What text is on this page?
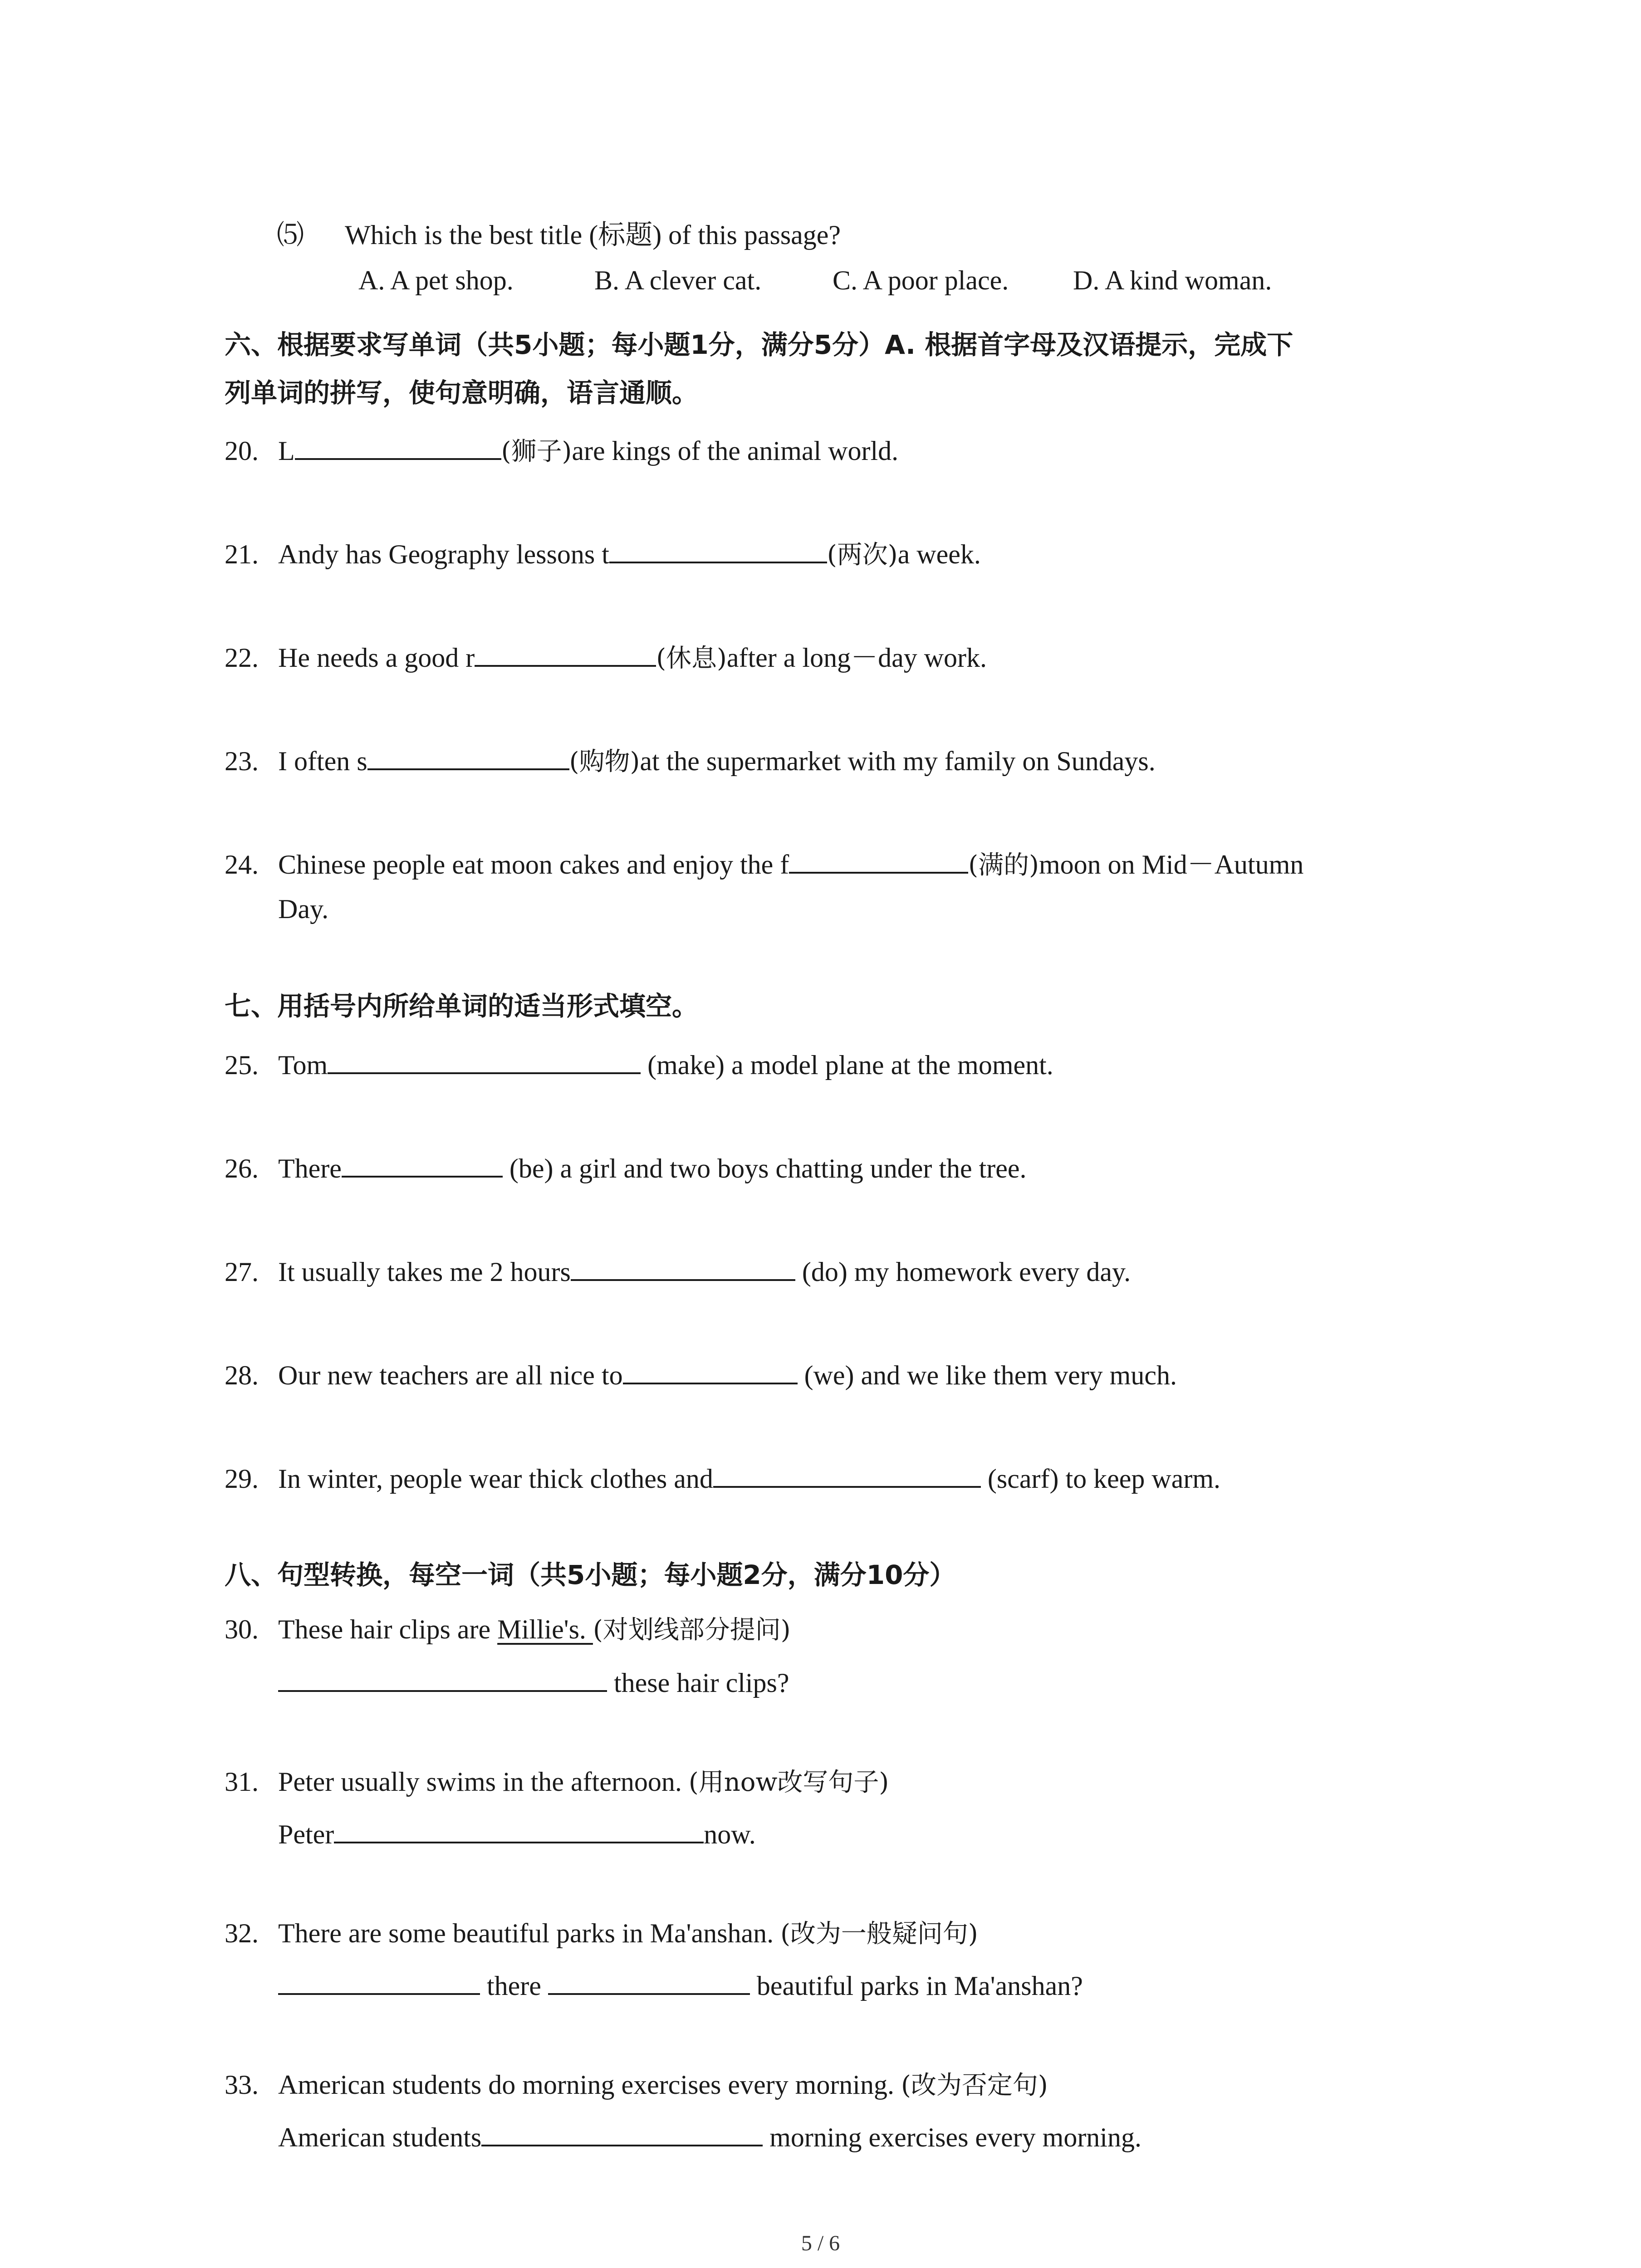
⑸ Which is the best title (标题) of this passage?
A. A pet shop.	B. A clever cat.	C. A poor place. D. A kind woman.
六、根据要求写单词（共5小题；每小题1分，满分5分）A. 根据首字母及汉语提示，完成下
列单词的拼写，使句意明确，语言通顺。
20. L	(狮子)are kings of the animal world.
21. Andy has Geography lessons t	(两次)a week.
22. He needs a good r	(休息)after a long－day work.
23. I often s	(购物)at the supermarket with my family on Sundays.
24. Chinese people eat moon cakes and enjoy the f	(满的)moon on Mid－Autumn
Day.
七、用括号内所给单词的适当形式填空。
25. Tom	(make) a model plane at the moment.
26. There	(be) a girl and two boys chatting under the tree.
27. It usually takes me 2 hours	(do) my homework every day.
28. Our new teachers are all nice to	(we) and we like them very much.
29. In winter, people wear thick clothes and	(scarf) to keep warm.
八、句型转换，每空一词（共5小题；每小题2分，满分10分）
30. These hair clips are Millie's. (对划线部分提问)
these hair clips?
31. Peter usually swims in the afternoon. (用now改写句子)
Peter	now.
32. There are some beautiful parks in Ma'anshan. (改为一般疑问句)
there	beautiful parks in Ma'anshan?
33. American students do morning exercises every morning. (改为否定句)
American students	morning exercises every morning.
5 / 6
